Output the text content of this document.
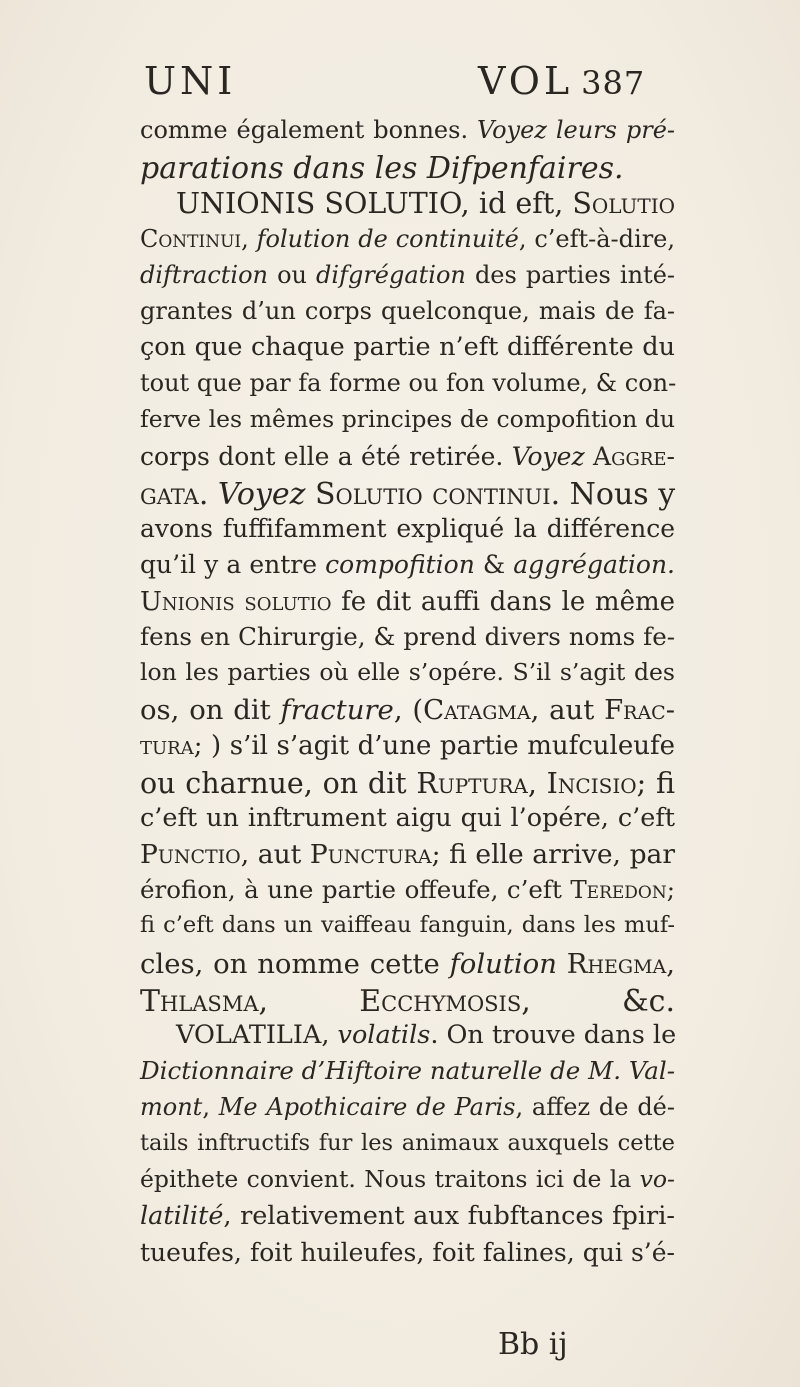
UNI	VOL 387
comme également bonnes. Voyez leurs pré-
parations dans les Difpenfaires.
UNIONIS SOLUTIO, id eft, Solutio
Continui, folution de continuité, c’eft-à-dire,
diftraction ou difgrégation des parties inté-
grantes d’un corps quelconque, mais de fa-
çon que chaque partie n’eft différente du
tout que par fa forme ou fon volume, & con-
ferve les mêmes principes de compofition du
corps dont elle a été retirée. Voyez Aggre-
gata. Voyez Solutio continui. Nous y
avons fuffifamment expliqué la différence
qu’il y a entre compofition & aggrégation.
Unionis solutio fe dit auffi dans le même
fens en Chirurgie, & prend divers noms fe-
lon les parties où elle s’opére. S’il s’agit des
os, on dit fracture, (Catagma, aut Frac-
tura; ) s’il s’agit d’une partie mufculeufe
ou charnue, on dit Ruptura, Incisio; fi
c’eft un inftrument aigu qui l’opére, c’eft
Punctio, aut Punctura; fi elle arrive, par
érofion, à une partie offeufe, c’eft Teredon;
fi c’eft dans un vaiffeau fanguin, dans les muf-
cles, on nomme cette folution Rhegma,
Thlasma, Ecchymosis, &c.
VOLATILIA, volatils. On trouve dans le
Dictionnaire d’Hiftoire naturelle de M. Val-
mont, Me Apothicaire de Paris, affez de dé-
tails inftructifs fur les animaux auxquels cette
épithete convient. Nous traitons ici de la vo-
latilité, relativement aux fubftances fpiri-
tueufes, foit huileufes, foit falines, qui s’é-
Bb ij
